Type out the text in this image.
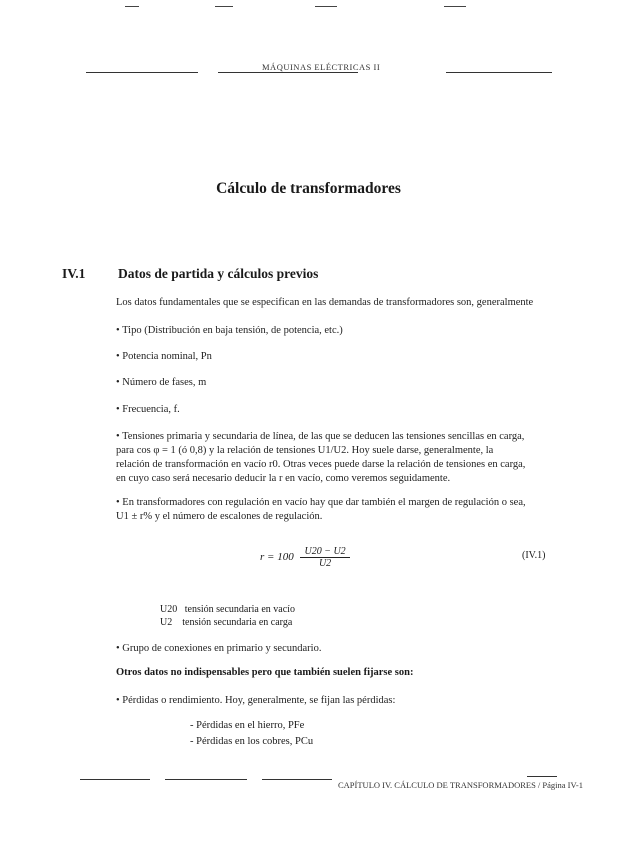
MÁQUINAS ELÉCTRICAS II
Cálculo de transformadores
IV.1 Datos de partida y cálculos previos
Los datos fundamentales que se especifican en las demandas de transformadores son, generalmente
• Tipo (Distribución en baja tensión, de potencia, etc.)
• Potencia nominal, Pn
• Número de fases, m
• Frecuencia, f.
• Tensiones primaria y secundaria de línea, de las que se deducen las tensiones sencillas en carga,
para cos φ = 1 (ó 0,8) y la relación de tensiones U1/U2. Hoy suele darse, generalmente, la
relación de transformación en vacío r0. Otras veces puede darse la relación de tensiones en carga,
en cuyo caso será necesario deducir la r en vacío, como veremos seguidamente.
• En transformadores con regulación en vacío hay que dar también el margen de regulación o sea,
U1 ± r% y el número de escalones de regulación.
$r = 100 \frac{U20 - U2}{U2}$	(IV.1)
U20   tensión secundaria en vacío
U2    tensión secundaria en carga
• Grupo de conexiones en primario y secundario.
Otros datos no indispensables pero que también suelen fijarse son:
• Pérdidas o rendimiento. Hoy, generalmente, se fijan las pérdidas:
- Pérdidas en el hierro, PFe
- Pérdidas en los cobres, PCu
CAPÍTULO IV. CÁLCULO DE TRANSFORMADORES / Página IV-1
